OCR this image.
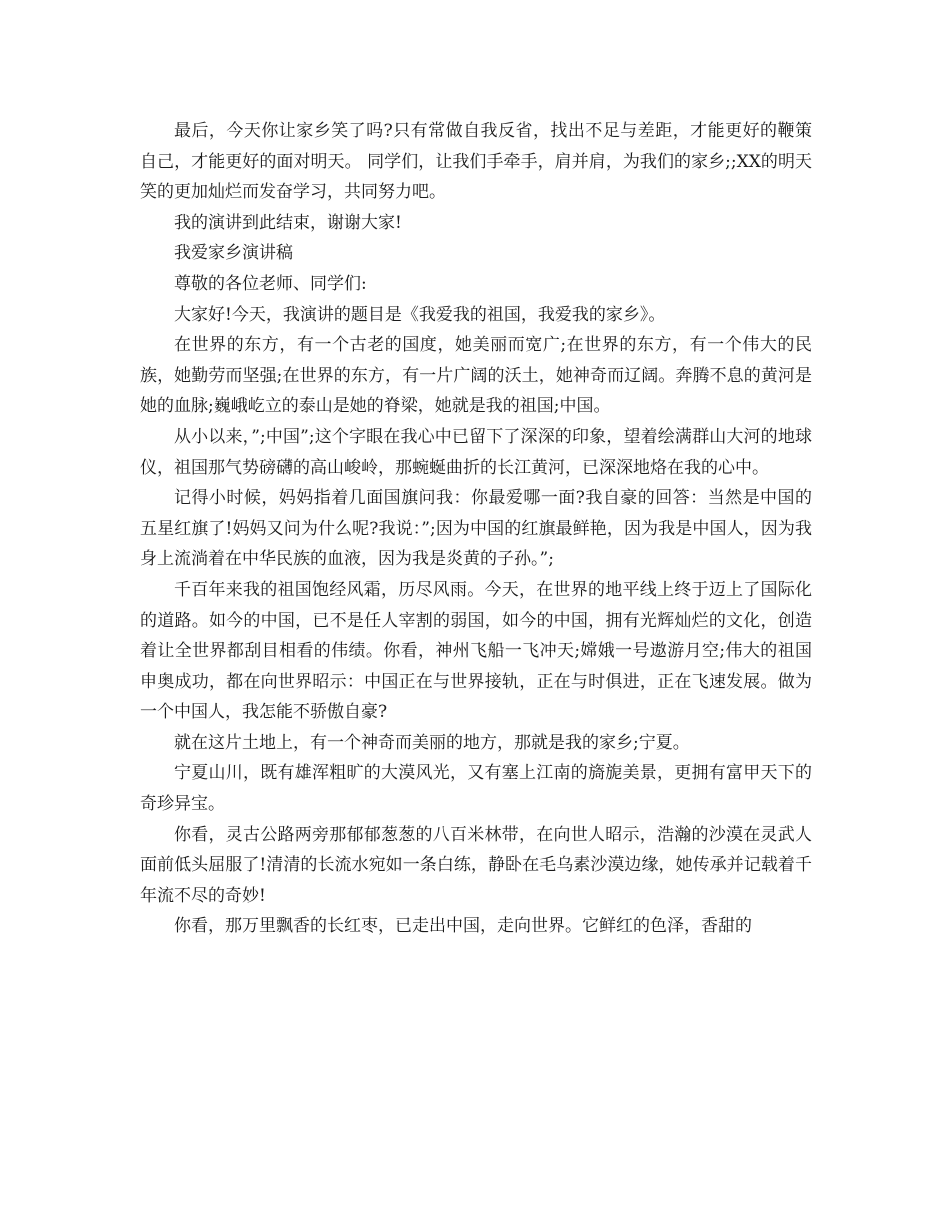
最后，今天你让家乡笑了吗?只有常做自我反省，找出不足与差距，才能更好的鞭策自己，才能更好的面对明天。 同学们，让我们手牵手，肩并肩，为我们的家乡;;XX的明天笑的更加灿烂而发奋学习，共同努力吧。

我的演讲到此结束，谢谢大家!

我爱家乡演讲稿

尊敬的各位老师、同学们:

大家好!今天，我演讲的题目是《我爱我的祖国，我爱我的家乡》。

在世界的东方，有一个古老的国度，她美丽而宽广;在世界的东方，有一个伟大的民族，她勤劳而坚强;在世界的东方，有一片广阔的沃土，她神奇而辽阔。奔腾不息的黄河是她的血脉;巍峨屹立的泰山是她的脊梁，她就是我的祖国;中国。

从小以来，”;中国”;这个字眼在我心中已留下了深深的印象，望着绘满群山大河的地球仪，祖国那气势磅礴的高山峻岭，那蜿蜒曲折的长江黄河，已深深地烙在我的心中。

记得小时候，妈妈指着几面国旗问我：你最爱哪一面?我自豪的回答：当然是中国的五星红旗了!妈妈又问为什么呢?我说：”;因为中国的红旗最鲜艳，因为我是中国人，因为我身上流淌着在中华民族的血液，因为我是炎黄的子孙。”;

千百年来我的祖国饱经风霜，历尽风雨。今天，在世界的地平线上终于迈上了国际化的道路。如今的中国，已不是任人宰割的弱国，如今的中国，拥有光辉灿烂的文化，创造着让全世界都刮目相看的伟绩。你看，神州飞船一飞冲天;嫦娥一号遨游月空;伟大的祖国申奥成功，都在向世界昭示：中国正在与世界接轨，正在与时俱进，正在飞速发展。做为一个中国人，我怎能不骄傲自豪?

就在这片土地上，有一个神奇而美丽的地方，那就是我的家乡;宁夏。

宁夏山川，既有雄浑粗旷的大漠风光，又有塞上江南的旖旎美景，更拥有富甲天下的奇珍异宝。

你看，灵古公路两旁那郁郁葱葱的八百米林带，在向世人昭示，浩瀚的沙漠在灵武人面前低头屈服了!清清的长流水宛如一条白练，静卧在毛乌素沙漠边缘，她传承并记载着千年流不尽的奇妙!

你看，那万里飘香的长红枣，已走出中国，走向世界。它鲜红的色泽，香甜的
